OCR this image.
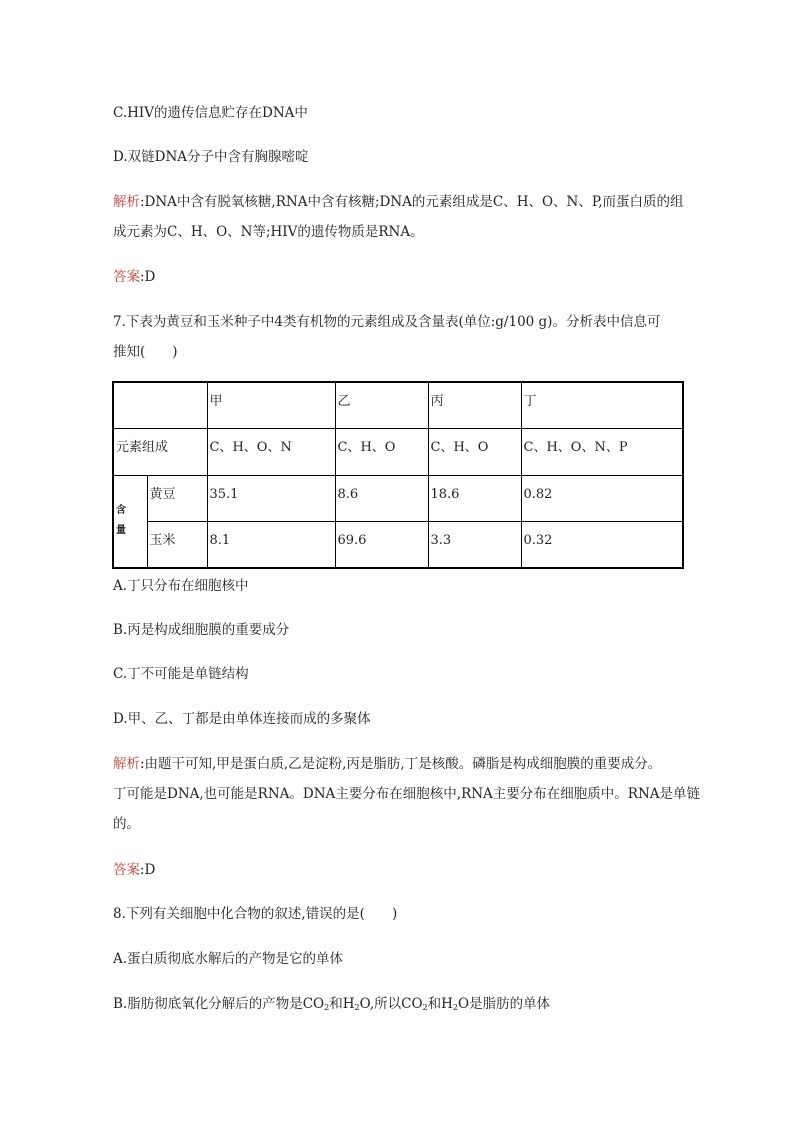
C.HIV的遗传信息贮存在DNA中
D.双链DNA分子中含有胸腺嘧啶
解析:DNA中含有脱氧核糖,RNA中含有核糖;DNA的元素组成是C、H、O、N、P,而蛋白质的组
成元素为C、H、O、N等;HIV的遗传物质是RNA。
答案:D
7.下表为黄豆和玉米种子中4类有机物的元素组成及含量表(单位:g/100 g)。分析表中信息可
推知(　　)
		甲	乙	丙	丁
元素组成		C、H、O、N	C、H、O	C、H、O	C、H、O、N、P

含量	黄豆	35.1	8.6	18.6	0.82
	玉米	8.1	69.6	3.3	0.32
A.丁只分布在细胞核中
B.丙是构成细胞膜的重要成分
C.丁不可能是单链结构
D.甲、乙、丁都是由单体连接而成的多聚体
解析:由题干可知,甲是蛋白质,乙是淀粉,丙是脂肪,丁是核酸。磷脂是构成细胞膜的重要成分。
丁可能是DNA,也可能是RNA。DNA主要分布在细胞核中,RNA主要分布在细胞质中。RNA是单链
的。
答案:D
8.下列有关细胞中化合物的叙述,错误的是(　　)
A.蛋白质彻底水解后的产物是它的单体
B.脂肪彻底氧化分解后的产物是$CO_2$和$H_2O$,所以$CO_2$和$H_2O$是脂肪的单体
